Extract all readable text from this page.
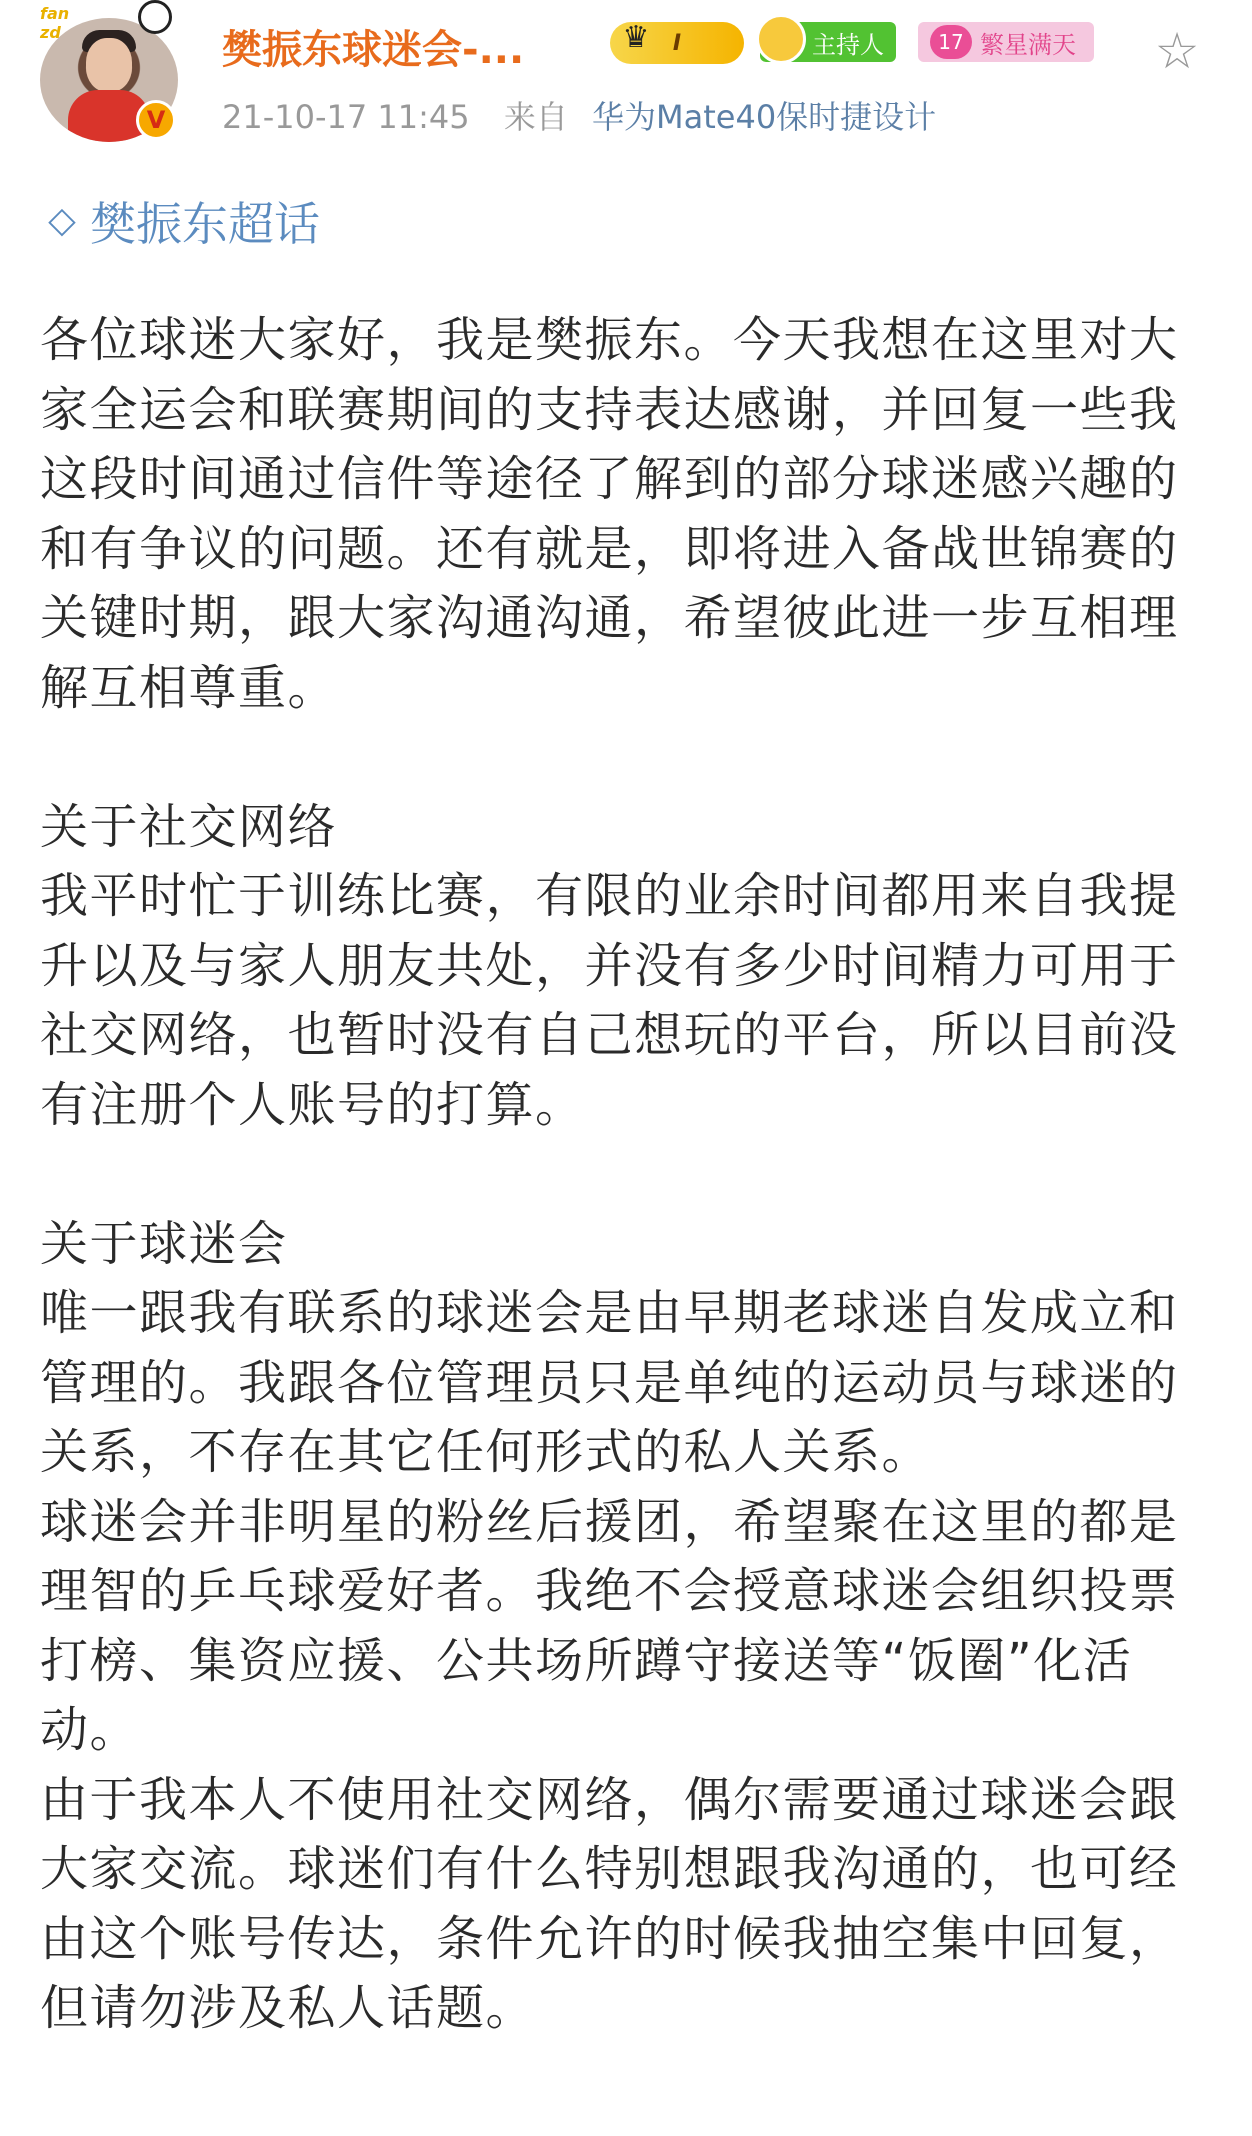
fan zd
V
樊振东球迷会-...	I
♛	主持人	17 繁星满天 ☆
21-10-17 11:45 来自 华为Mate40保时捷设计
◇ 樊振东超话
各位球迷大家好，我是樊振东。今天我想在这里对大家全运会和联赛期间的支持表达感谢，并回复一些我这段时间通过信件等途径了解到的部分球迷感兴趣的和有争议的问题。还有就是，即将进入备战世锦赛的关键时期，跟大家沟通沟通，希望彼此进一步互相理解互相尊重。
关于社交网络
我平时忙于训练比赛，有限的业余时间都用来自我提升以及与家人朋友共处，并没有多少时间精力可用于社交网络，也暂时没有自己想玩的平台，所以目前没有注册个人账号的打算。
关于球迷会
唯一跟我有联系的球迷会是由早期老球迷自发成立和管理的。我跟各位管理员只是单纯的运动员与球迷的关系，不存在其它任何形式的私人关系。
球迷会并非明星的粉丝后援团，希望聚在这里的都是理智的乒乓球爱好者。我绝不会授意球迷会组织投票打榜、集资应援、公共场所蹲守接送等“饭圈”化活动。
由于我本人不使用社交网络，偶尔需要通过球迷会跟大家交流。球迷们有什么特别想跟我沟通的，也可经由这个账号传达，条件允许的时候我抽空集中回复，但请勿涉及私人话题。
